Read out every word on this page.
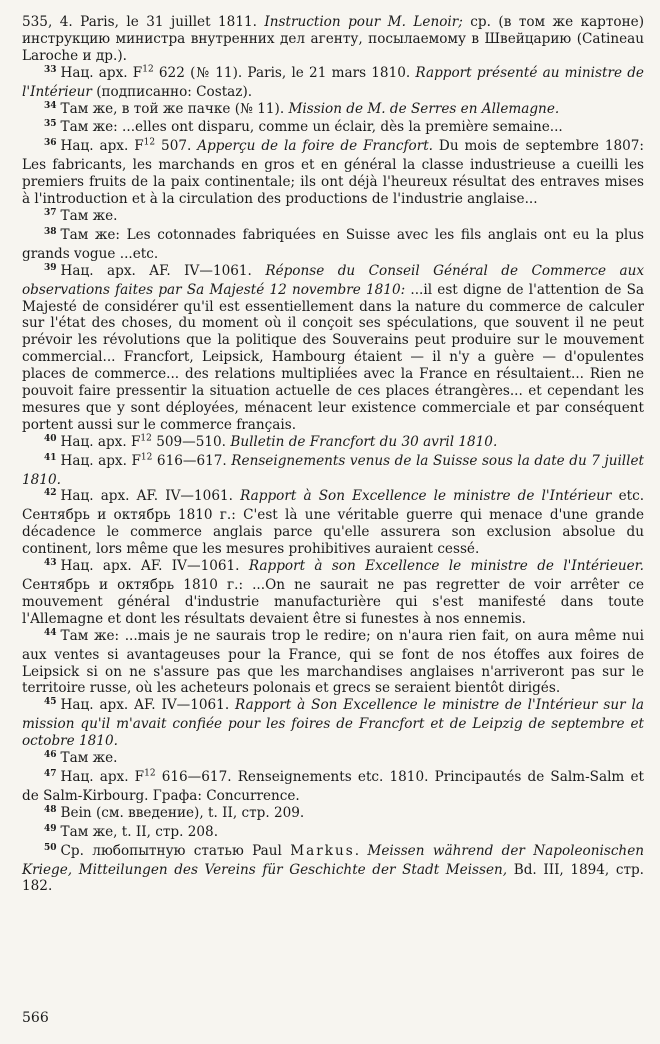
535, 4. Paris, le 31 juillet 1811. Instruction pour M. Lenoir; ср. (в том же картоне) инструкцию министра внутренних дел агенту, посылаемому в Швейцарию (Catineau Laroche и др.).

$^{33}$ Нац. арх. $F^{12}$ 622 (№ 11). Paris, le 21 mars 1810. Rapport présenté au ministre de l'Intérieur (подписанно: Costaz).

$^{34}$ Там же, в той же пачке (№ 11). Mission de M. de Serres en Allemagne.

$^{35}$ Там же: ...elles ont disparu, comme un éclair, dès la première semaine...

$^{36}$ Нац. арх. $F^{12}$ 507. Apperçu de la foire de Francfort. Du mois de septembre 1807: Les fabricants, les marchands en gros et en général la classe industrieuse a cueilli les premiers fruits de la paix continentale; ils ont déjà l'heureux résultat des entraves mises à l'introduction et à la circulation des productions de l'industrie anglaise...

$^{37}$ Там же.

$^{38}$ Там же: Les cotonnades fabriquées en Suisse avec les fils anglais ont eu la plus grands vogue ...etc.

$^{39}$ Нац. арх. AF. IV—1061. Réponse du Conseil Général de Commerce aux observations faites par Sa Majesté 12 novembre 1810: ...il est digne de l'attention de Sa Majesté de considérer qu'il est essentiellement dans la nature du commerce de calculer sur l'état des choses, du moment où il conçoit ses spéculations, que souvent il ne peut prévoir les révolutions que la politique des Souverains peut produire sur le mouvement commercial... Francfort, Leipsick, Hambourg étaient — il n'y a guère — d'opulentes places de commerce... des relations multipliées avec la France en résultaient... Rien ne pouvoit faire pressentir la situation actuelle de ces places étrangères... et cependant les mesures que y sont déployées, ménacent leur existence commerciale et par conséquent portent aussi sur le commerce français.

$^{40}$ Нац. арх. $F^{12}$ 509—510. Bulletin de Francfort du 30 avril 1810.

$^{41}$ Нац. арх. $F^{12}$ 616—617. Renseignements venus de la Suisse sous la date du 7 juillet 1810.

$^{42}$ Нац. арх. AF. IV—1061. Rapport à Son Excellence le ministre de l'Intérieur etc. Сентябрь и октябрь 1810 г.: C'est là une véritable guerre qui menace d'une grande décadence le commerce anglais parce qu'elle assurera son exclusion absolue du continent, lors même que les mesures prohibitives auraient cessé.

$^{43}$ Нац. арх. AF. IV—1061. Rapport à son Excellence le ministre de l'Intérieuer. Сентябрь и октябрь 1810 г.: ...On ne saurait ne pas regretter de voir arrêter ce mouvement général d'industrie manufacturière qui s'est manifesté dans toute l'Allemagne et dont les résultats devaient être si funestes à nos ennemis.

$^{44}$ Там же: ...mais je ne saurais trop le redire; on n'aura rien fait, on aura même nui aux ventes si avantageuses pour la France, qui se font de nos étoffes aux foires de Leipsick si on ne s'assure pas que les marchandises anglaises n'arriveront pas sur le territoire russe, où les acheteurs polonais et grecs se seraient bientôt dirigés.

$^{45}$ Нац. арх. AF. IV—1061. Rapport à Son Excellence le ministre de l'Intérieur sur la mission qu'il m'avait confiée pour les foires de Francfort et de Leipzig de septembre et octobre 1810.

$^{46}$ Там же.

$^{47}$ Нац. арх. $F^{12}$ 616—617. Renseignements etc. 1810. Principautés de Salm-Salm et de Salm-Kirbourg. Графа: Concurrence.

$^{48}$ Bein (см. введение), t. II, стр. 209.

$^{49}$ Там же, t. II, стр. 208.

$^{50}$ Ср. любопытную статью Paul Markus. Meissen während der Napoleonischen Kriege, Mitteilungen des Vereins für Geschichte der Stadt Meissen, Bd. III, 1894, стр. 182.

566
